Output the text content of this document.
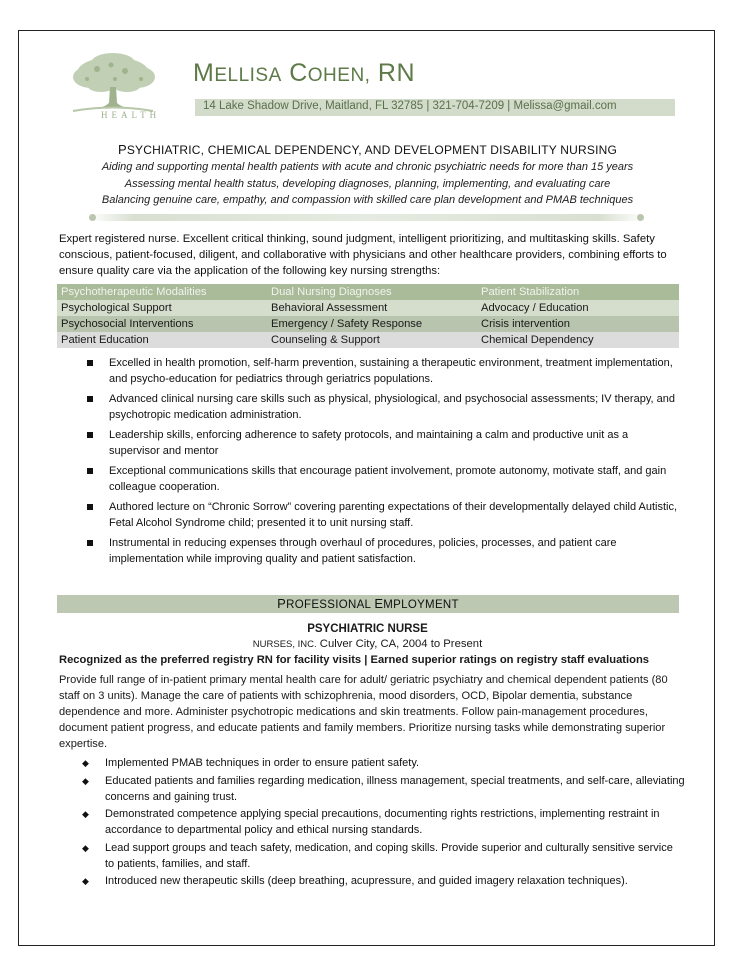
HEALTH
MELLISA COHEN, RN
14 Lake Shadow Drive, Maitland, FL 32785 | 321-704-7209 | Melissa@gmail.com
PSYCHIATRIC, CHEMICAL DEPENDENCY, AND DEVELOPMENT DISABILITY NURSING
Aiding and supporting mental health patients with acute and chronic psychiatric needs for more than 15 years
Assessing mental health status, developing diagnoses, planning, implementing, and evaluating care
Balancing genuine care, empathy, and compassion with skilled care plan development and PMAB techniques
Expert registered nurse. Excellent critical thinking, sound judgment, intelligent prioritizing, and multitasking skills. Safety conscious, patient-focused, diligent, and collaborative with physicians and other healthcare providers, combining efforts to ensure quality care via the application of the following key nursing strengths:
Psychotherapeutic Modalities	Dual Nursing Diagnoses	Patient Stabilization
Psychological Support	Behavioral Assessment	Advocacy / Education
Psychosocial Interventions	Emergency / Safety Response	Crisis intervention
Patient Education	Counseling & Support	Chemical Dependency
Excelled in health promotion, self-harm prevention, sustaining a therapeutic environment, treatment implementation, and psycho-education for pediatrics through geriatrics populations.
Advanced clinical nursing care skills such as physical, physiological, and psychosocial assessments; IV therapy, and psychotropic medication administration.
Leadership skills, enforcing adherence to safety protocols, and maintaining a calm and productive unit as a supervisor and mentor
Exceptional communications skills that encourage patient involvement, promote autonomy, motivate staff, and gain colleague cooperation.
Authored lecture on “Chronic Sorrow” covering parenting expectations of their developmentally delayed child Autistic, Fetal Alcohol Syndrome child; presented it to unit nursing staff.
Instrumental in reducing expenses through overhaul of procedures, policies, processes, and patient care implementation while improving quality and patient satisfaction.
PROFESSIONAL EMPLOYMENT
PSYCHIATRIC NURSE
NURSES, INC. Culver City, CA, 2004 to Present
Recognized as the preferred registry RN for facility visits | Earned superior ratings on registry staff evaluations
Provide full range of in-patient primary mental health care for adult/ geriatric psychiatry and chemical dependent patients (80 staff on 3 units). Manage the care of patients with schizophrenia, mood disorders, OCD, Bipolar dementia, substance dependence and more. Administer psychotropic medications and skin treatments. Follow pain-management procedures, document patient progress, and educate patients and family members. Prioritize nursing tasks while demonstrating superior expertise.
◆ Implemented PMAB techniques in order to ensure patient safety.
◆ Educated patients and families regarding medication, illness management, special treatments, and self-care, alleviating concerns and gaining trust.
◆ Demonstrated competence applying special precautions, documenting rights restrictions, implementing restraint in accordance to departmental policy and ethical nursing standards.
◆ Lead support groups and teach safety, medication, and coping skills. Provide superior and culturally sensitive service to patients, families, and staff.
◆ Introduced new therapeutic skills (deep breathing, acupressure, and guided imagery relaxation techniques).
